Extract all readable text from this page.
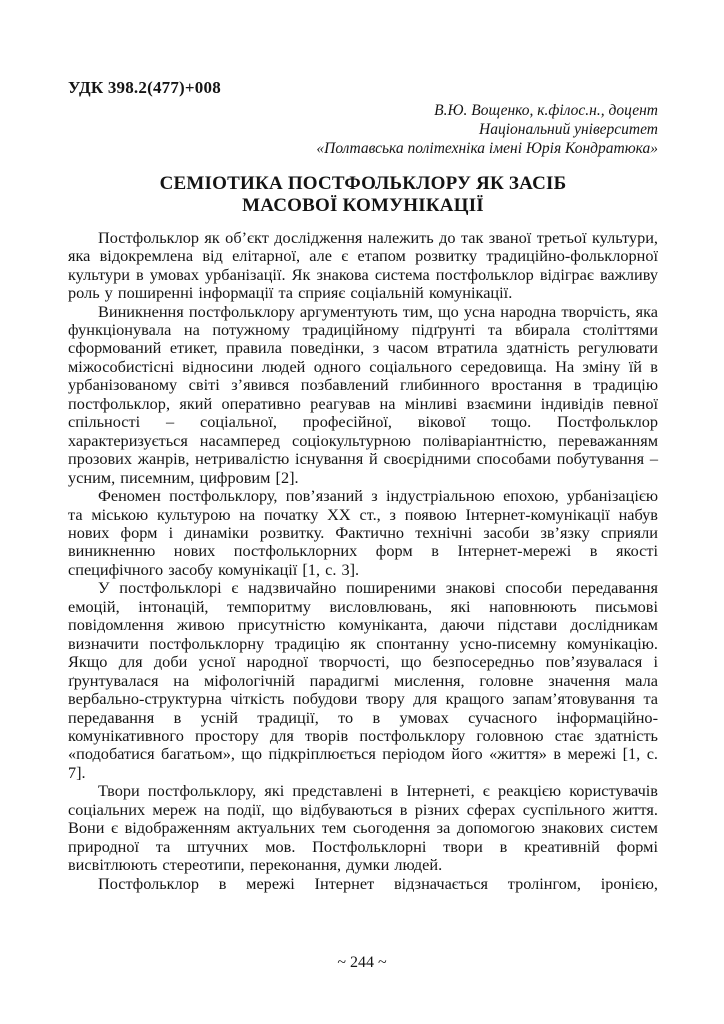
УДК 398.2(477)+008
В.Ю. Вощенко, к.філос.н., доцент
Національний університет
«Полтавська політехніка імені Юрія Кондратюка»
СЕМІОТИКА ПОСТФОЛЬКЛОРУ ЯК ЗАСІБ
МАСОВОЇ КОМУНІКАЦІЇ

Постфольклор як об’єкт дослідження належить до так званої третьої культури, яка відокремлена від елітарної, але є етапом розвитку традиційно-фольклорної культури в умовах урбанізації. Як знакова система постфольклор відіграє важливу роль у поширенні інформації та сприяє соціальній комунікації.

Виникнення постфольклору аргументують тим, що усна народна творчість, яка функціонувала на потужному традиційному підґрунті та вбирала століттями сформований етикет, правила поведінки, з часом втратила здатність регулювати міжособистісні відносини людей одного соціального середовища. На зміну їй в урбанізованому світі з’явився позбавлений глибинного вростання в традицію постфольклор, який оперативно реагував на мінливі взаємини індивідів певної спільності – соціальної, професійної, вікової тощо. Постфольклор характеризується насамперед соціокультурною поліваріантністю, переважанням прозових жанрів, нетривалістю існування й своєрідними способами побутування – усним, писемним, цифровим [2].

Феномен постфольклору, пов’язаний з індустріальною епохою, урбанізацією та міською культурою на початку ХХ ст., з появою Інтернет-комунікації набув нових форм і динаміки розвитку. Фактично технічні засоби зв’язку сприяли виникненню нових постфольклорних форм в Інтернет-мережі в якості специфічного засобу комунікації [1, с. 3].

У постфольклорі є надзвичайно поширеними знакові способи передавання емоцій, інтонацій, темпоритму висловлювань, які наповнюють письмові повідомлення живою присутністю комуніканта, даючи підстави дослідникам визначити постфольклорну традицію як спонтанну усно-писемну комунікацію. Якщо для доби усної народної творчості, що безпосередньо пов’язувалася і ґрунтувалася на міфологічній парадигмі мислення, головне значення мала вербально-структурна чіткість побудови твору для кращого запам’ятовування та передавання в усній традиції, то в умовах сучасного інформаційно-комунікативного простору для творів постфольклору головною стає здатність «подобатися багатьом», що підкріплюється періодом його «життя» в мережі [1, с. 7].

Твори постфольклору, які представлені в Інтернеті, є реакцією користувачів соціальних мереж на події, що відбуваються в різних сферах суспільного життя. Вони є відображенням актуальних тем сьогодення за допомогою знакових систем природної та штучних мов. Постфольклорні твори в креативній формі висвітлюють стереотипи, переконання, думки людей.

Постфольклор в мережі Інтернет відзначається тролінгом, іронією,

~ 244 ~
